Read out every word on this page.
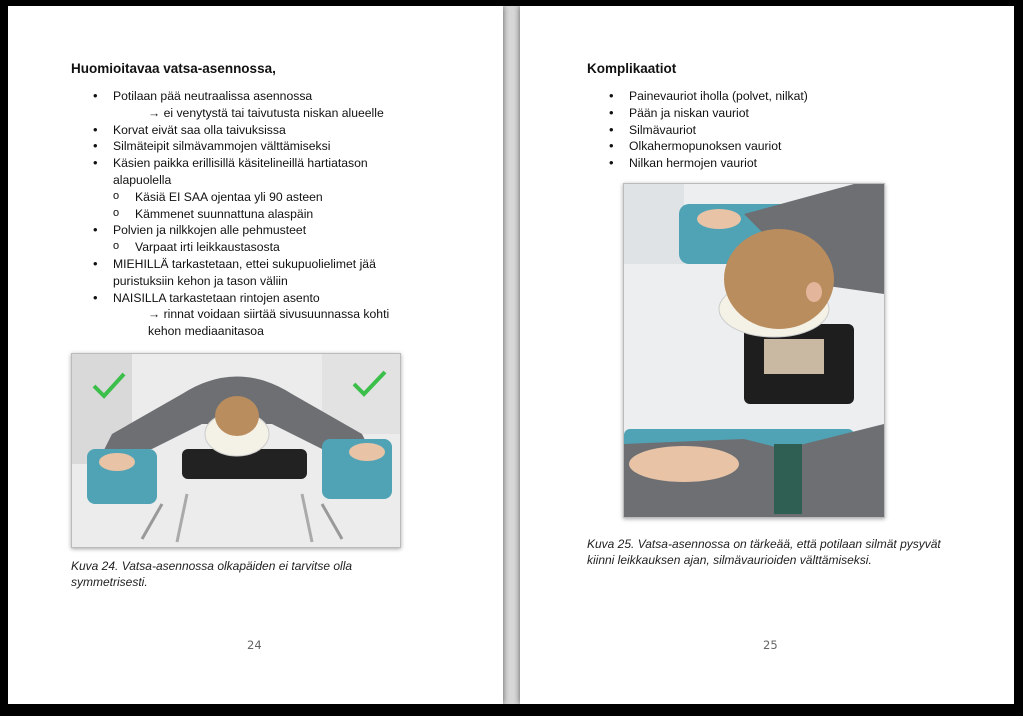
Huomioitavaa vatsa-asennossa,
• Potilaan pää neutraalissa asennossa
→ ei venytystä tai taivutusta niskan alueelle
• Korvat eivät saa olla taivuksissa
• Silmäteipit silmävammojen välttämiseksi
• Käsien paikka erillisillä käsitelineillä hartiatason
alapuolella
o Käsiä EI SAA ojentaa yli 90 asteen
o Kämmenet suunnattuna alaspäin
• Polvien ja nilkkojen alle pehmusteet
o Varpaat irti leikkaustasosta
• MIEHILLÄ tarkastetaan, ettei sukupuolielimet jää
puristuksiin kehon ja tason väliin
• NAISILLA tarkastetaan rintojen asento
→ rinnat voidaan siirtää sivusuunnassa kohti
kehon mediaanitasoa

Kuva 24. Vatsa-asennossa olkapäiden ei tarvitse olla symmetrisesti.

24
Komplikaatiot
• Painevauriot iholla (polvet, nilkat)
• Pään ja niskan vauriot
• Silmävauriot
• Olkahermopunoksen vauriot
• Nilkan hermojen vauriot

Kuva 25. Vatsa-asennossa on tärkeää, että potilaan silmät pysyvät kiinni leikkauksen ajan, silmävaurioiden välttämiseksi.

25
